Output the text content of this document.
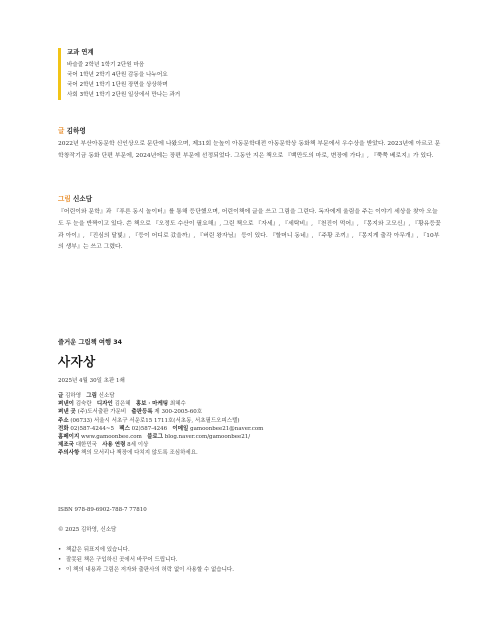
교과 연계
바슬즐 2학년 1학기 2단원 마음
국어 1학년 2학기 4단원 감동을 나누어요
국어 2학년 1학기 1단원 장면을 상상하며
사회 3학년 1학기 2단원 일상에서 만나는 과거
글 김하영

2022년 부산아동문학 신인상으로 문단에 나왔으며, 제31회 눈높이 아동문학대전 아동문학상 동화책 부문에서 우수상을 받았다. 2023년에 아르코 문학창작기금 동화 단편 부문에, 2024년에는 장편 부문에 선정되었다. 그동안 지은 책으로 『백만도의 마로, 변장에 가다』, 『쭉쭉 베로지』가 있다.

그림 신소담

『어린이와 문학』과 『푸른 동시 놀이터』를 통해 등단했으며, 어린이책에 글을 쓰고 그림을 그린다. 독자에게 울림을 주는 이야기 세상을 찾아 오늘도 두 눈을 반짝이고 있다. 쓴 책으로 『오정도 수산이 필요해』, 그린 책으로 『자세』, 『세탁비』, 『천진이 먹어』, 『몽지와 고모신』, 『황유등꽃과 아이』, 『진심의 달빛』, 『등이 어디로 갔을까』, 『버린 왕자님』 등이 있다. 『할머니 동네』, 『주황 조끼』, 『몽지게 출각 아무개』, 『10부의 생부』는 쓰고 그렸다.

즐거운 그림책 여행 34
사자상
2025년 4월 30일 초판 1쇄
글 김하영 그림 신소담
펴낸이 김숙란 디자인 김은혜 홍보 · 마케팅 최혜수
펴낸 곳 (주)도서출판 가문비 출판등록 제 300-2005-60호
주소 (06733) 서울시 서초구 서운로15 1711호(서초동, 서초필드오피스텔)
전화 02)587-4244~5 팩스 02)587-4246 이메일 gamoonbee21@naver.com
홈페이지 www.gamoonbee.com 블로그 blog.naver.com/gamoonbee21/
제조국 대한민국 사용 연령 8세 이상
주의사항 책의 모서리나 책장에 다치지 않도록 조심하세요.
ISBN 978-89-6902-788-7 77810
© 2025 김하영, 신소담
• 책값은 뒤표지에 있습니다.
• 잘못된 책은 구입하신 곳에서 바꾸어 드립니다.
• 이 책의 내용과 그림은 저자와 출판사의 허락 없이 사용할 수 없습니다.
